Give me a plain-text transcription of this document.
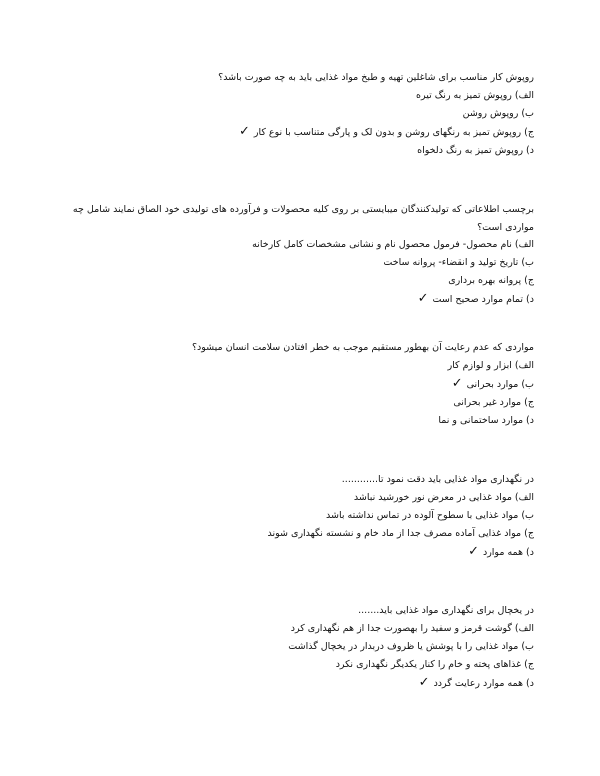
روپوش کار مناسب برای شاغلین تهیه و طبخ مواد غذایی باید به چه صورت باشد؟
الف) روپوش تمیز به رنگ تیره
ب) روپوش روشن
ج) روپوش تمیز به رنگهای روشن و بدون لک و پارگی متناسب با نوع کار✓
د) روپوش تمیز به رنگ دلخواه
برچسب اطلاعاتی که تولیدکنندگان میبایستی بر روی کلیه محصولات و فرآورده های تولیدی خود الصاق نمایند شامل چه مواردی است؟
الف) نام محصول- فرمول محصول نام و نشانی مشخصات کامل کارخانه
ب) تاریخ تولید و انقضاء- پروانه ساخت
ج) پروانه بهره برداری
د) تمام موارد صحیح است✓
مواردی که عدم رعایت آن بهطور مستقیم موجب به خطر افتادن سلامت انسان میشود؟
الف) ابزار و لوازم کار
ب) موارد بحرانی✓
ج) موارد غیر بحرانی
د) موارد ساختمانی و نما
در نگهداری مواد غذایی باید دقت نمود تا............
الف) مواد غذایی در معرض نور خورشید نباشد
ب) مواد غذایی با سطوح آلوده در تماس نداشته باشد
ج) مواد غذایی آماده مصرف جدا از ماد خام و نشسته نگهداری شوند
د) همه موارد✓
در یخچال برای نگهداری مواد غذایی باید.......
الف) گوشت قرمز و سفید را بهصورت جدا از هم نگهداری کرد
ب) مواد غذایی را با پوشش یا ظروف دربدار در یخچال گذاشت
ج) غذاهای پخته و خام را کنار یکدیگر نگهداری نکرد
د) همه موارد رعایت گردد✓
